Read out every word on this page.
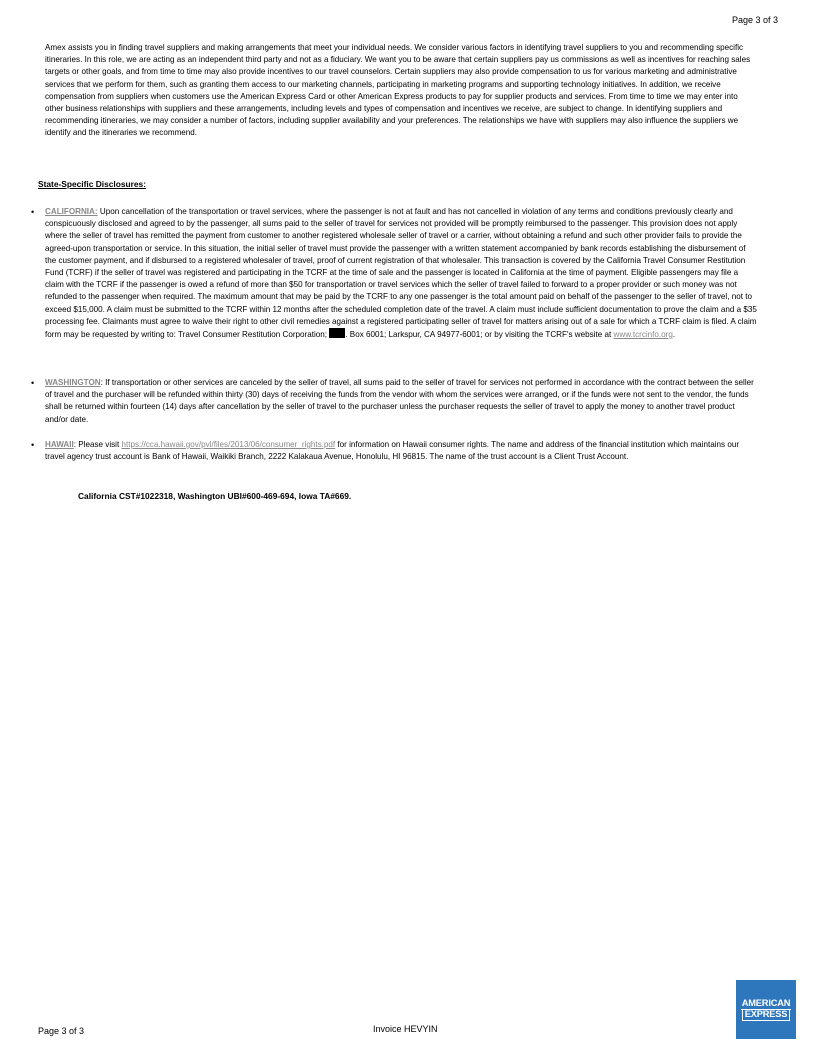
Page 3 of 3
Amex assists you in finding travel suppliers and making arrangements that meet your individual needs. We consider various factors in identifying travel suppliers to you and recommending specific itineraries. In this role, we are acting as an independent third party and not as a fiduciary. We want you to be aware that certain suppliers pay us commissions as well as incentives for reaching sales targets or other goals, and from time to time may also provide incentives to our travel counselors. Certain suppliers may also provide compensation to us for various marketing and administrative services that we perform for them, such as granting them access to our marketing channels, participating in marketing programs and supporting technology initiatives. In addition, we receive compensation from suppliers when customers use the American Express Card or other American Express products to pay for supplier products and services. From time to time we may enter into other business relationships with suppliers and these arrangements, including levels and types of compensation and incentives we receive, are subject to change. In identifying suppliers and recommending itineraries, we may consider a number of factors, including supplier availability and your preferences. The relationships we have with suppliers may also influence the suppliers we identify and the itineraries we recommend.
State-Specific Disclosures:
• CALIFORNIA: Upon cancellation of the transportation or travel services, where the passenger is not at fault and has not cancelled in violation of any terms and conditions previously clearly and conspicuously disclosed and agreed to by the passenger, all sums paid to the seller of travel for services not provided will be promptly reimbursed to the passenger. This provision does not apply where the seller of travel has remitted the payment from customer to another registered wholesale seller of travel or a carrier, without obtaining a refund and such other provider fails to provide the agreed-upon transportation or service. In this situation, the initial seller of travel must provide the passenger with a written statement accompanied by bank records establishing the disbursement of the customer payment, and if disbursed to a registered wholesaler of travel, proof of current registration of that wholesaler. This transaction is covered by the California Travel Consumer Restitution Fund (TCRF) if the seller of travel was registered and participating in the TCRF at the time of sale and the passenger is located in California at the time of payment. Eligible passengers may file a claim with the TCRF if the passenger is owed a refund of more than $50 for transportation or travel services which the seller of travel failed to forward to a proper provider or such money was not refunded to the passenger when required. The maximum amount that may be paid by the TCRF to any one passenger is the total amount paid on behalf of the passenger to the seller of travel, not to exceed $15,000. A claim must be submitted to the TCRF within 12 months after the scheduled completion date of the travel. A claim must include sufficient documentation to prove the claim and a $35 processing fee. Claimants must agree to waive their right to other civil remedies against a registered participating seller of travel for matters arising out of a sale for which a TCRF claim is filed. A claim form may be requested by writing to: Travel Consumer Restitution Corporation; . Box 6001; Larkspur, CA 94977-6001; or by visiting the TCRF's website at www.tcrcinfo.org.
• WASHINGTON: If transportation or other services are canceled by the seller of travel, all sums paid to the seller of travel for services not performed in accordance with the contract between the seller of travel and the purchaser will be refunded within thirty (30) days of receiving the funds from the vendor with whom the services were arranged, or if the funds were not sent to the vendor, the funds shall be returned within fourteen (14) days after cancellation by the seller of travel to the purchaser unless the purchaser requests the seller of travel to apply the money to another travel product and/or date.
• HAWAII: Please visit https://cca.hawaii.gov/pvl/files/2013/06/consumer_rights.pdf for information on Hawaii consumer rights. The name and address of the financial institution which maintains our travel agency trust account is Bank of Hawaii, Waikiki Branch, 2222 Kalakaua Avenue, Honolulu, HI 96815. The name of the trust account is a Client Trust Account.
California CST#1022318, Washington UBI#600-469-694, Iowa TA#669.
Page 3 of 3	Invoice HEVYIN
AMERICAN
EXPRESS
